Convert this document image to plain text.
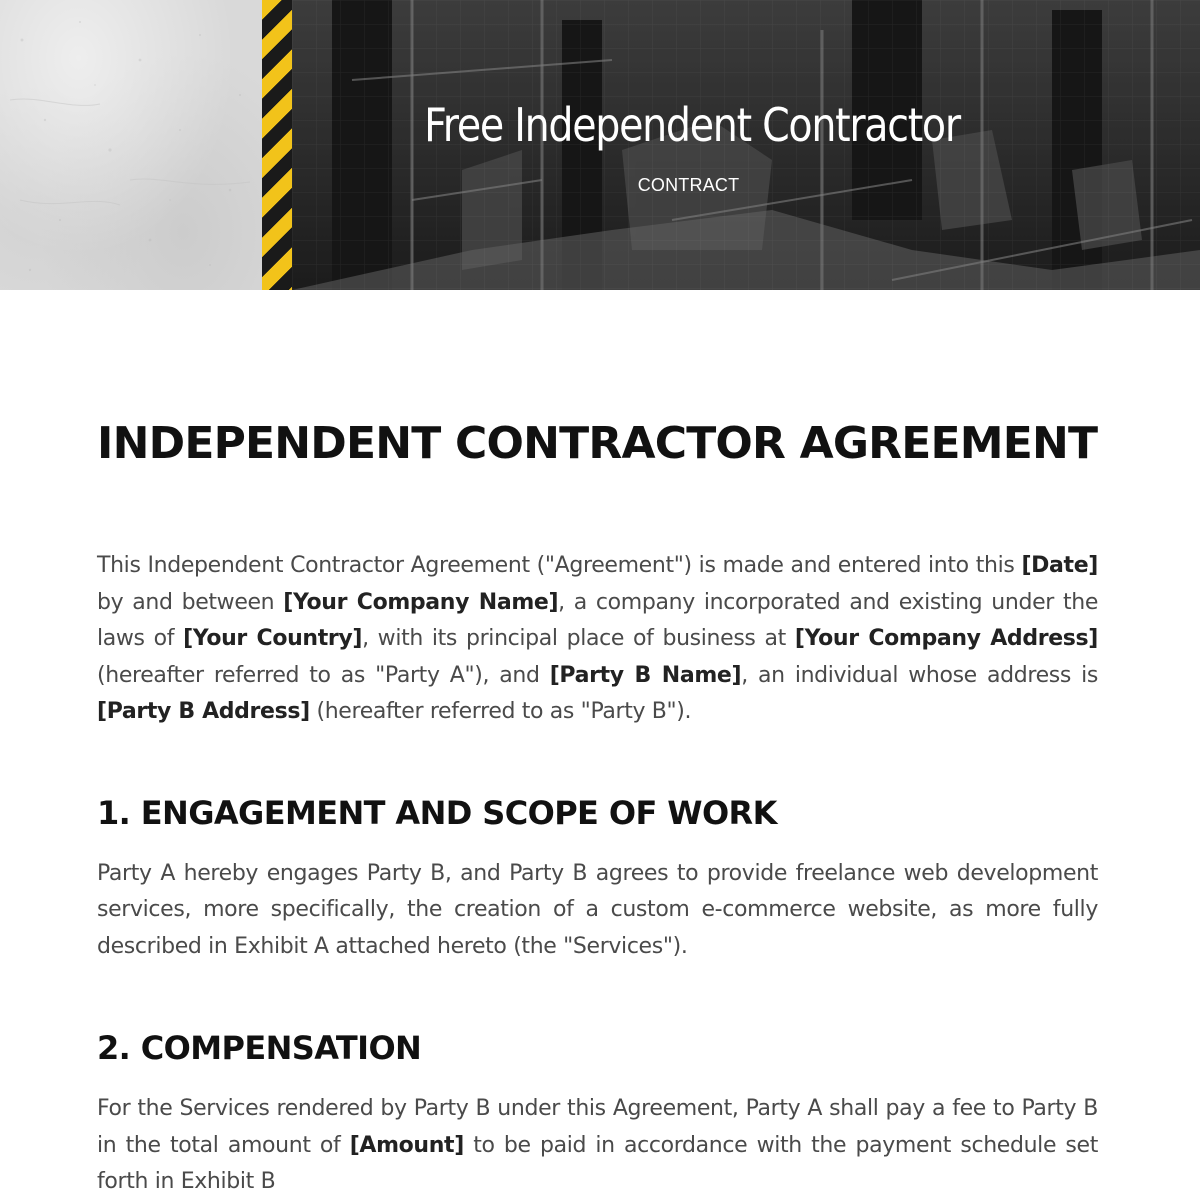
Free Independent Contractor

CONTRACT

INDEPENDENT CONTRACTOR AGREEMENT

This Independent Contractor Agreement ("Agreement") is made and entered into this [Date] by and between [Your Company Name], a company incorporated and existing under the laws of [Your Country], with its principal place of business at [Your Company Address] (hereafter referred to as "Party A"), and [Party B Name], an individual whose address is [Party B Address] (hereafter referred to as "Party B").

1. ENGAGEMENT AND SCOPE OF WORK

Party A hereby engages Party B, and Party B agrees to provide freelance web development services, more specifically, the creation of a custom e-commerce website, as more fully described in Exhibit A attached hereto (the "Services").

2. COMPENSATION

For the Services rendered by Party B under this Agreement, Party A shall pay a fee to Party B in the total amount of [Amount] to be paid in accordance with the payment schedule set forth in Exhibit B
